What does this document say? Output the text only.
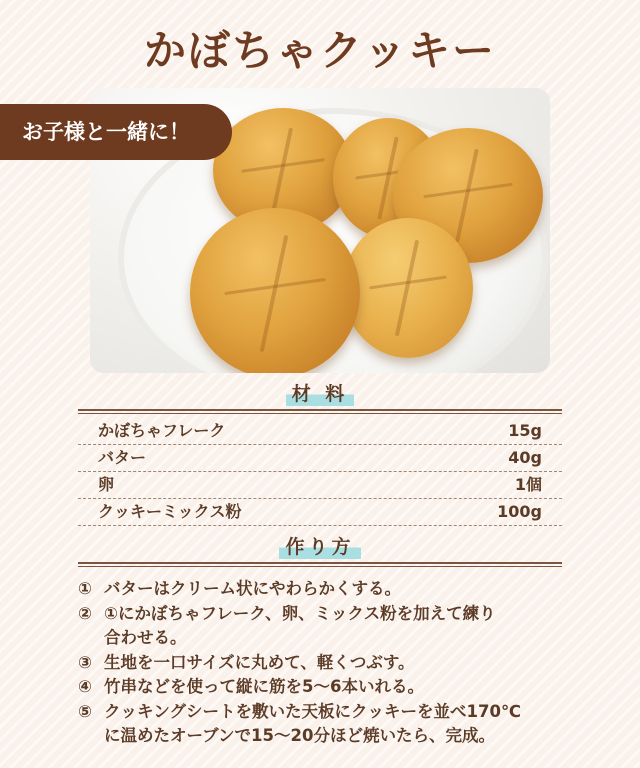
かぼちゃクッキー
お子様と一緒に！
材 料
かぼちゃフレーク	15g
バター	40g
卵	1個
クッキーミックス粉	100g
作り方
① バターはクリーム状にやわらかくする。
② ①にかぼちゃフレーク、卵、ミックス粉を加えて練り
合わせる。
③ 生地を一口サイズに丸めて、軽くつぶす。
④ 竹串などを使って縦に筋を5〜6本いれる。
⑤ クッキングシートを敷いた天板にクッキーを並べ170℃
に温めたオーブンで15〜20分ほど焼いたら、完成。
